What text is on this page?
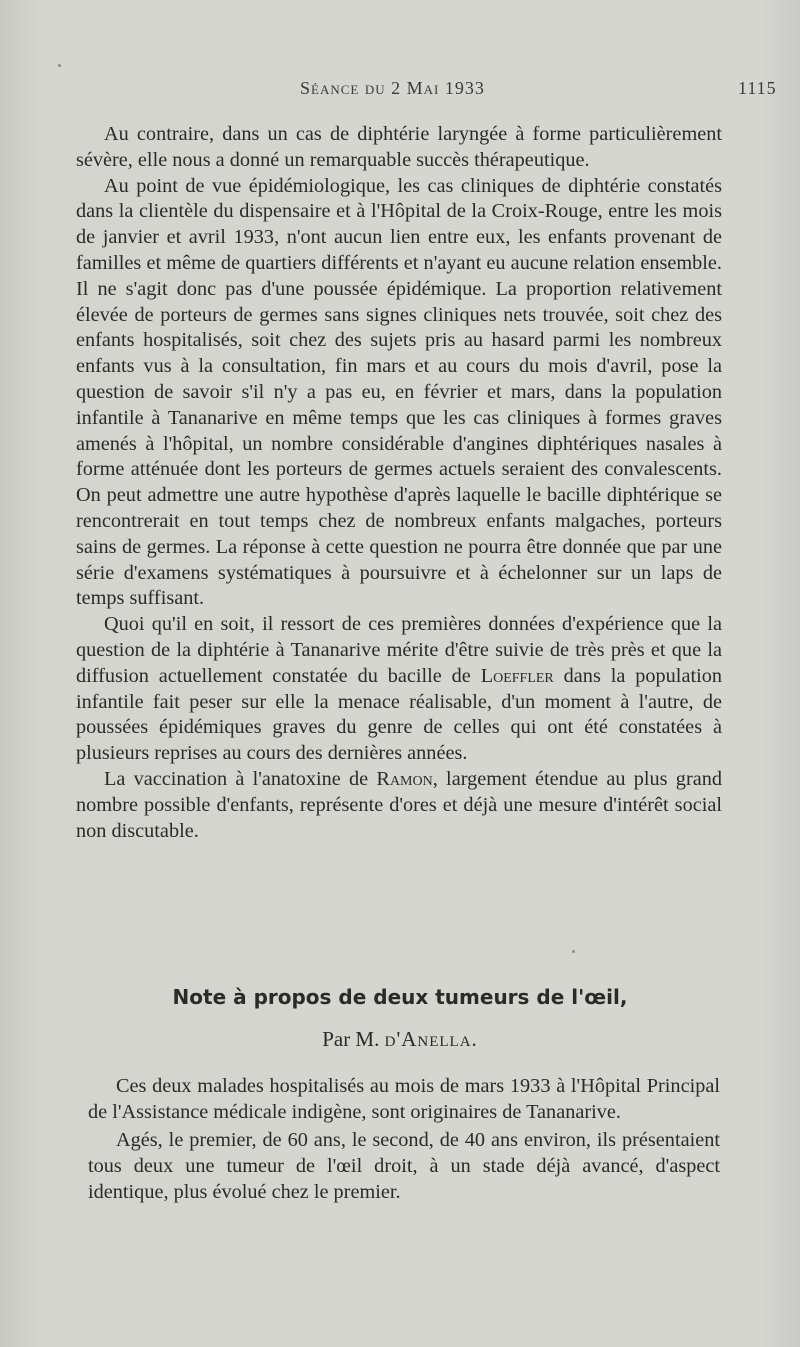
Séance du 2 Mai 1933	1115

Au contraire, dans un cas de diphtérie laryngée à forme particulièrement sévère, elle nous a donné un remarquable succès thérapeutique.

Au point de vue épidémiologique, les cas cliniques de diphtérie constatés dans la clientèle du dispensaire et à l'Hôpital de la Croix-Rouge, entre les mois de janvier et avril 1933, n'ont aucun lien entre eux, les enfants provenant de familles et même de quartiers différents et n'ayant eu aucune relation ensemble. Il ne s'agit donc pas d'une poussée épidémique. La proportion relativement élevée de porteurs de germes sans signes cliniques nets trouvée, soit chez des enfants hospitalisés, soit chez des sujets pris au hasard parmi les nombreux enfants vus à la consultation, fin mars et au cours du mois d'avril, pose la question de savoir s'il n'y a pas eu, en février et mars, dans la population infantile à Tananarive en même temps que les cas cliniques à formes graves amenés à l'hôpital, un nombre considérable d'angines diphtériques nasales à forme atténuée dont les porteurs de germes actuels seraient des convalescents. On peut admettre une autre hypothèse d'après laquelle le bacille diphtérique se rencontrerait en tout temps chez de nombreux enfants malgaches, porteurs sains de germes. La réponse à cette question ne pourra être donnée que par une série d'examens systématiques à poursuivre et à échelonner sur un laps de temps suffisant.

Quoi qu'il en soit, il ressort de ces premières données d'expérience que la question de la diphtérie à Tananarive mérite d'être suivie de très près et que la diffusion actuellement constatée du bacille de Loeffler dans la population infantile fait peser sur elle la menace réalisable, d'un moment à l'autre, de poussées épidémiques graves du genre de celles qui ont été constatées à plusieurs reprises au cours des dernières années.

La vaccination à l'anatoxine de Ramon, largement étendue au plus grand nombre possible d'enfants, représente d'ores et déjà une mesure d'intérêt social non discutable.

Note à propos de deux tumeurs de l'œil,
Par M. d'Anella.

Ces deux malades hospitalisés au mois de mars 1933 à l'Hôpital Principal de l'Assistance médicale indigène, sont originaires de Tananarive.

Agés, le premier, de 60 ans, le second, de 40 ans environ, ils présentaient tous deux une tumeur de l'œil droit, à un stade déjà avancé, d'aspect identique, plus évolué chez le premier.
